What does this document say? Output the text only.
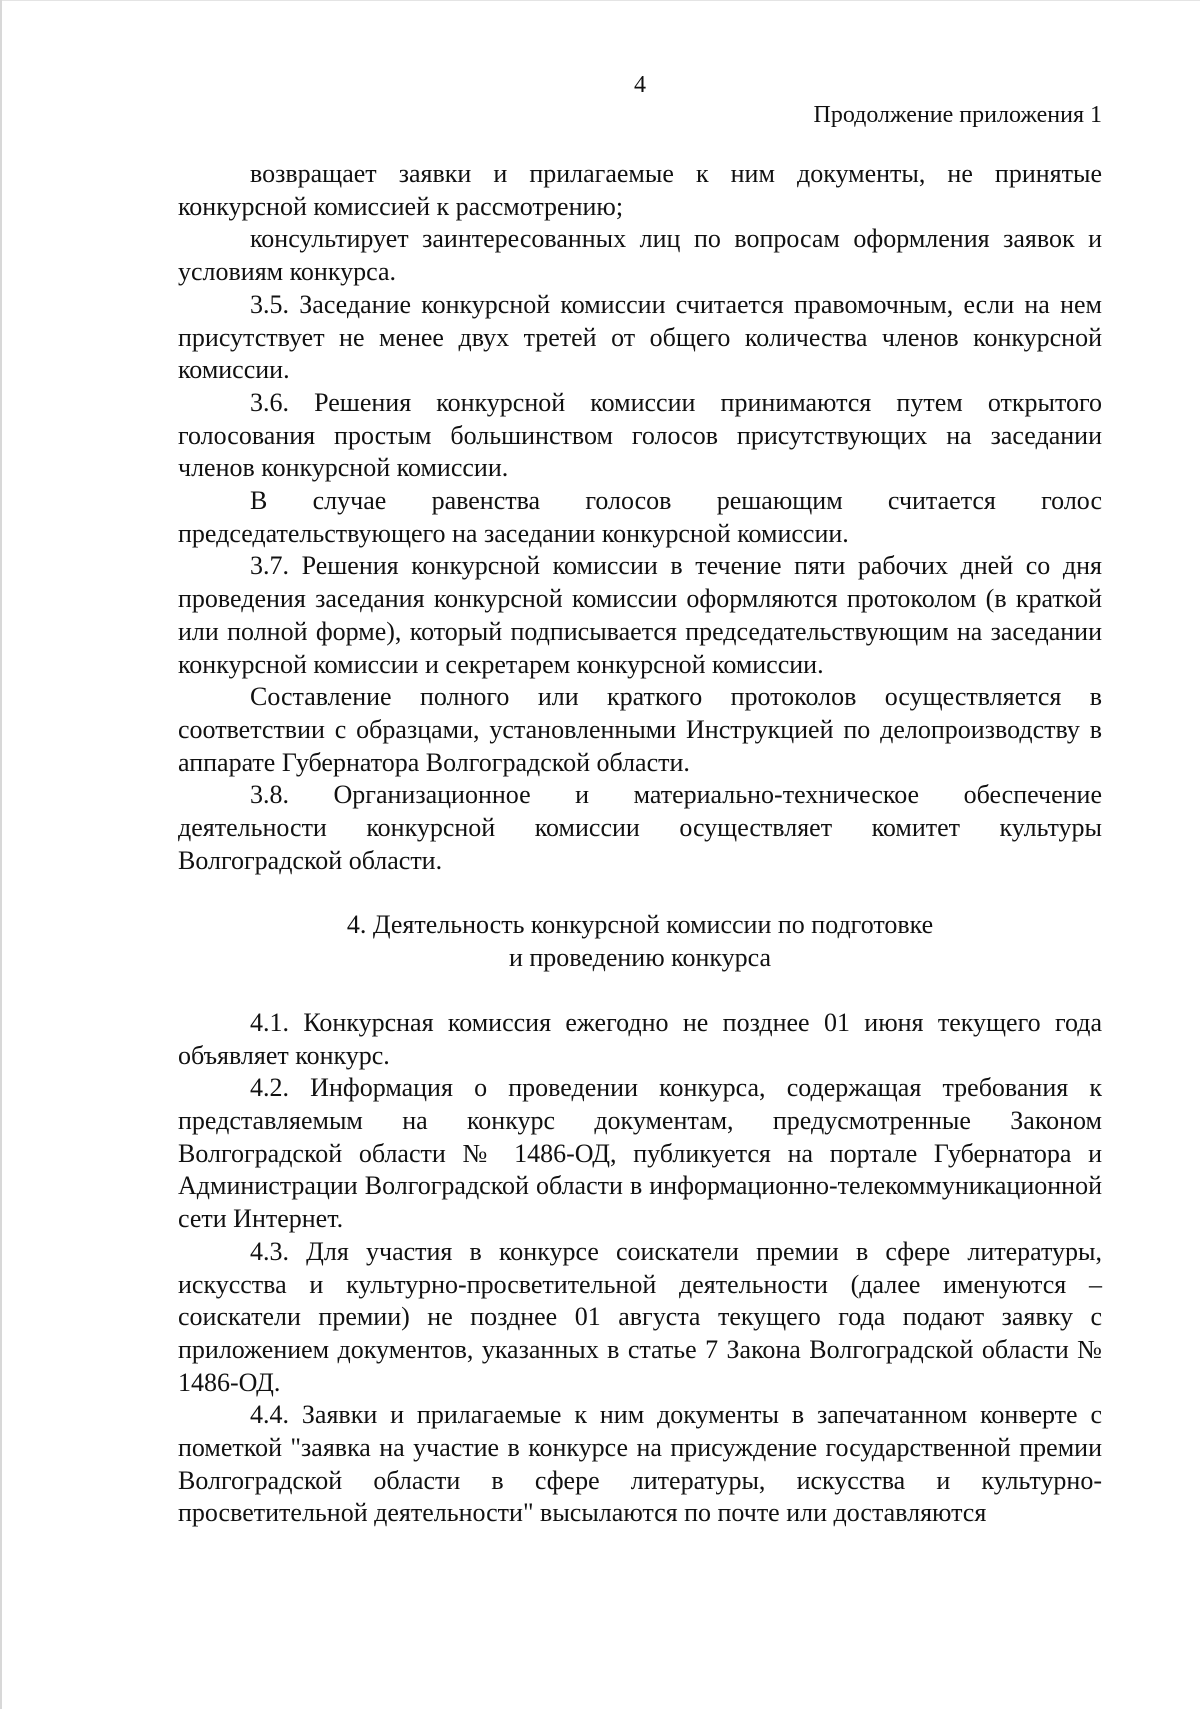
4
Продолжение приложения 1

возвращает заявки и прилагаемые к ним документы, не принятые конкурсной комиссией к рассмотрению;

консультирует заинтересованных лиц по вопросам оформления заявок и условиям конкурса.

3.5. Заседание конкурсной комиссии считается правомочным, если на нем присутствует не менее двух третей от общего количества членов конкурсной комиссии.

3.6. Решения конкурсной комиссии принимаются путем открытого голосования простым большинством голосов присутствующих на заседании членов конкурсной комиссии.

В случае равенства голосов решающим считается голос председательствующего на заседании конкурсной комиссии.

3.7. Решения конкурсной комиссии в течение пяти рабочих дней со дня проведения заседания конкурсной комиссии оформляются протоколом (в краткой или полной форме), который подписывается председательствующим на заседании конкурсной комиссии и секретарем конкурсной комиссии.

Составление полного или краткого протоколов осуществляется в соответствии с образцами, установленными Инструкцией по делопроизводству в аппарате Губернатора Волгоградской области.

3.8. Организационное и материально-техническое обеспечение деятельности конкурсной комиссии осуществляет комитет культуры Волгоградской области.

4. Деятельность конкурсной комиссии по подготовке
и проведению конкурса

4.1. Конкурсная комиссия ежегодно не позднее 01 июня текущего года объявляет конкурс.

4.2. Информация о проведении конкурса, содержащая требования к представляемым на конкурс документам, предусмотренные Законом Волгоградской области № 1486-ОД, публикуется на портале Губернатора и Администрации Волгоградской области в информационно-телекоммуникационной сети Интернет.

4.3. Для участия в конкурсе соискатели премии в сфере литературы, искусства и культурно-просветительной деятельности (далее именуются – соискатели премии) не позднее 01 августа текущего года подают заявку с приложением документов, указанных в статье 7 Закона Волгоградской области № 1486-ОД.

4.4. Заявки и прилагаемые к ним документы в запечатанном конверте с пометкой "заявка на участие в конкурсе на присуждение государственной премии Волгоградской области в сфере литературы, искусства и культурно-просветительной деятельности" высылаются по почте или доставляются
